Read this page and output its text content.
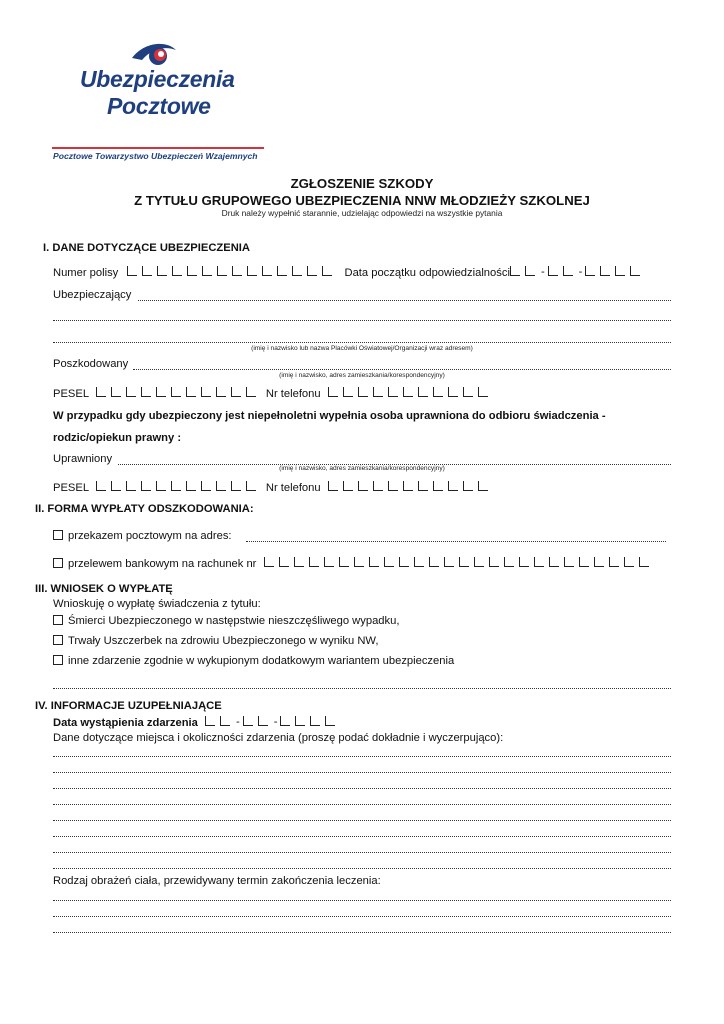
Ubezpieczenia
Pocztowe
Pocztowe Towarzystwo Ubezpieczeń Wzajemnych
ZGŁOSZENIE SZKODY
Z TYTUŁU GRUPOWEGO UBEZPIECZENIA NNW MŁODZIEŻY SZKOLNEJ
Druk należy wypełnić starannie, udzielając odpowiedzi na wszystkie pytania
I. DANE DOTYCZĄCE UBEZPIECZENIA
Numer polisy	Data początku odpowiedzialności	-	-
Ubezpieczający
(imię i nazwisko lub nazwa Placówki Oświatowej/Organizacji wraz adresem)
Poszkodowany
(imię i nazwisko, adres zamieszkania/korespondencyjny)
PESEL	Nr telefonu
W przypadku gdy ubezpieczony jest niepełnoletni wypełnia osoba uprawniona do odbioru świadczenia -
rodzic/opiekun prawny :
Uprawniony
(imię i nazwisko, adres zamieszkania/korespondencyjny)
PESEL	Nr telefonu
II. FORMA WYPŁATY ODSZKODOWANIA:
przekazem pocztowym na adres:
przelewem bankowym na rachunek nr
III. WNIOSEK O WYPŁATĘ
Wnioskuję o wypłatę świadczenia z tytułu:
Śmierci Ubezpieczonego w następstwie nieszczęśliwego wypadku,
Trwały Uszczerbek na zdrowiu Ubezpieczonego w wyniku NW,
inne zdarzenie zgodnie w wykupionym dodatkowym wariantem ubezpieczenia
IV. INFORMACJE UZUPEŁNIAJĄCE
Data wystąpienia zdarzenia	-	-
Dane dotyczące miejsca i okoliczności zdarzenia (proszę podać dokładnie i wyczerpująco):
Rodzaj obrażeń ciała, przewidywany termin zakończenia leczenia:
